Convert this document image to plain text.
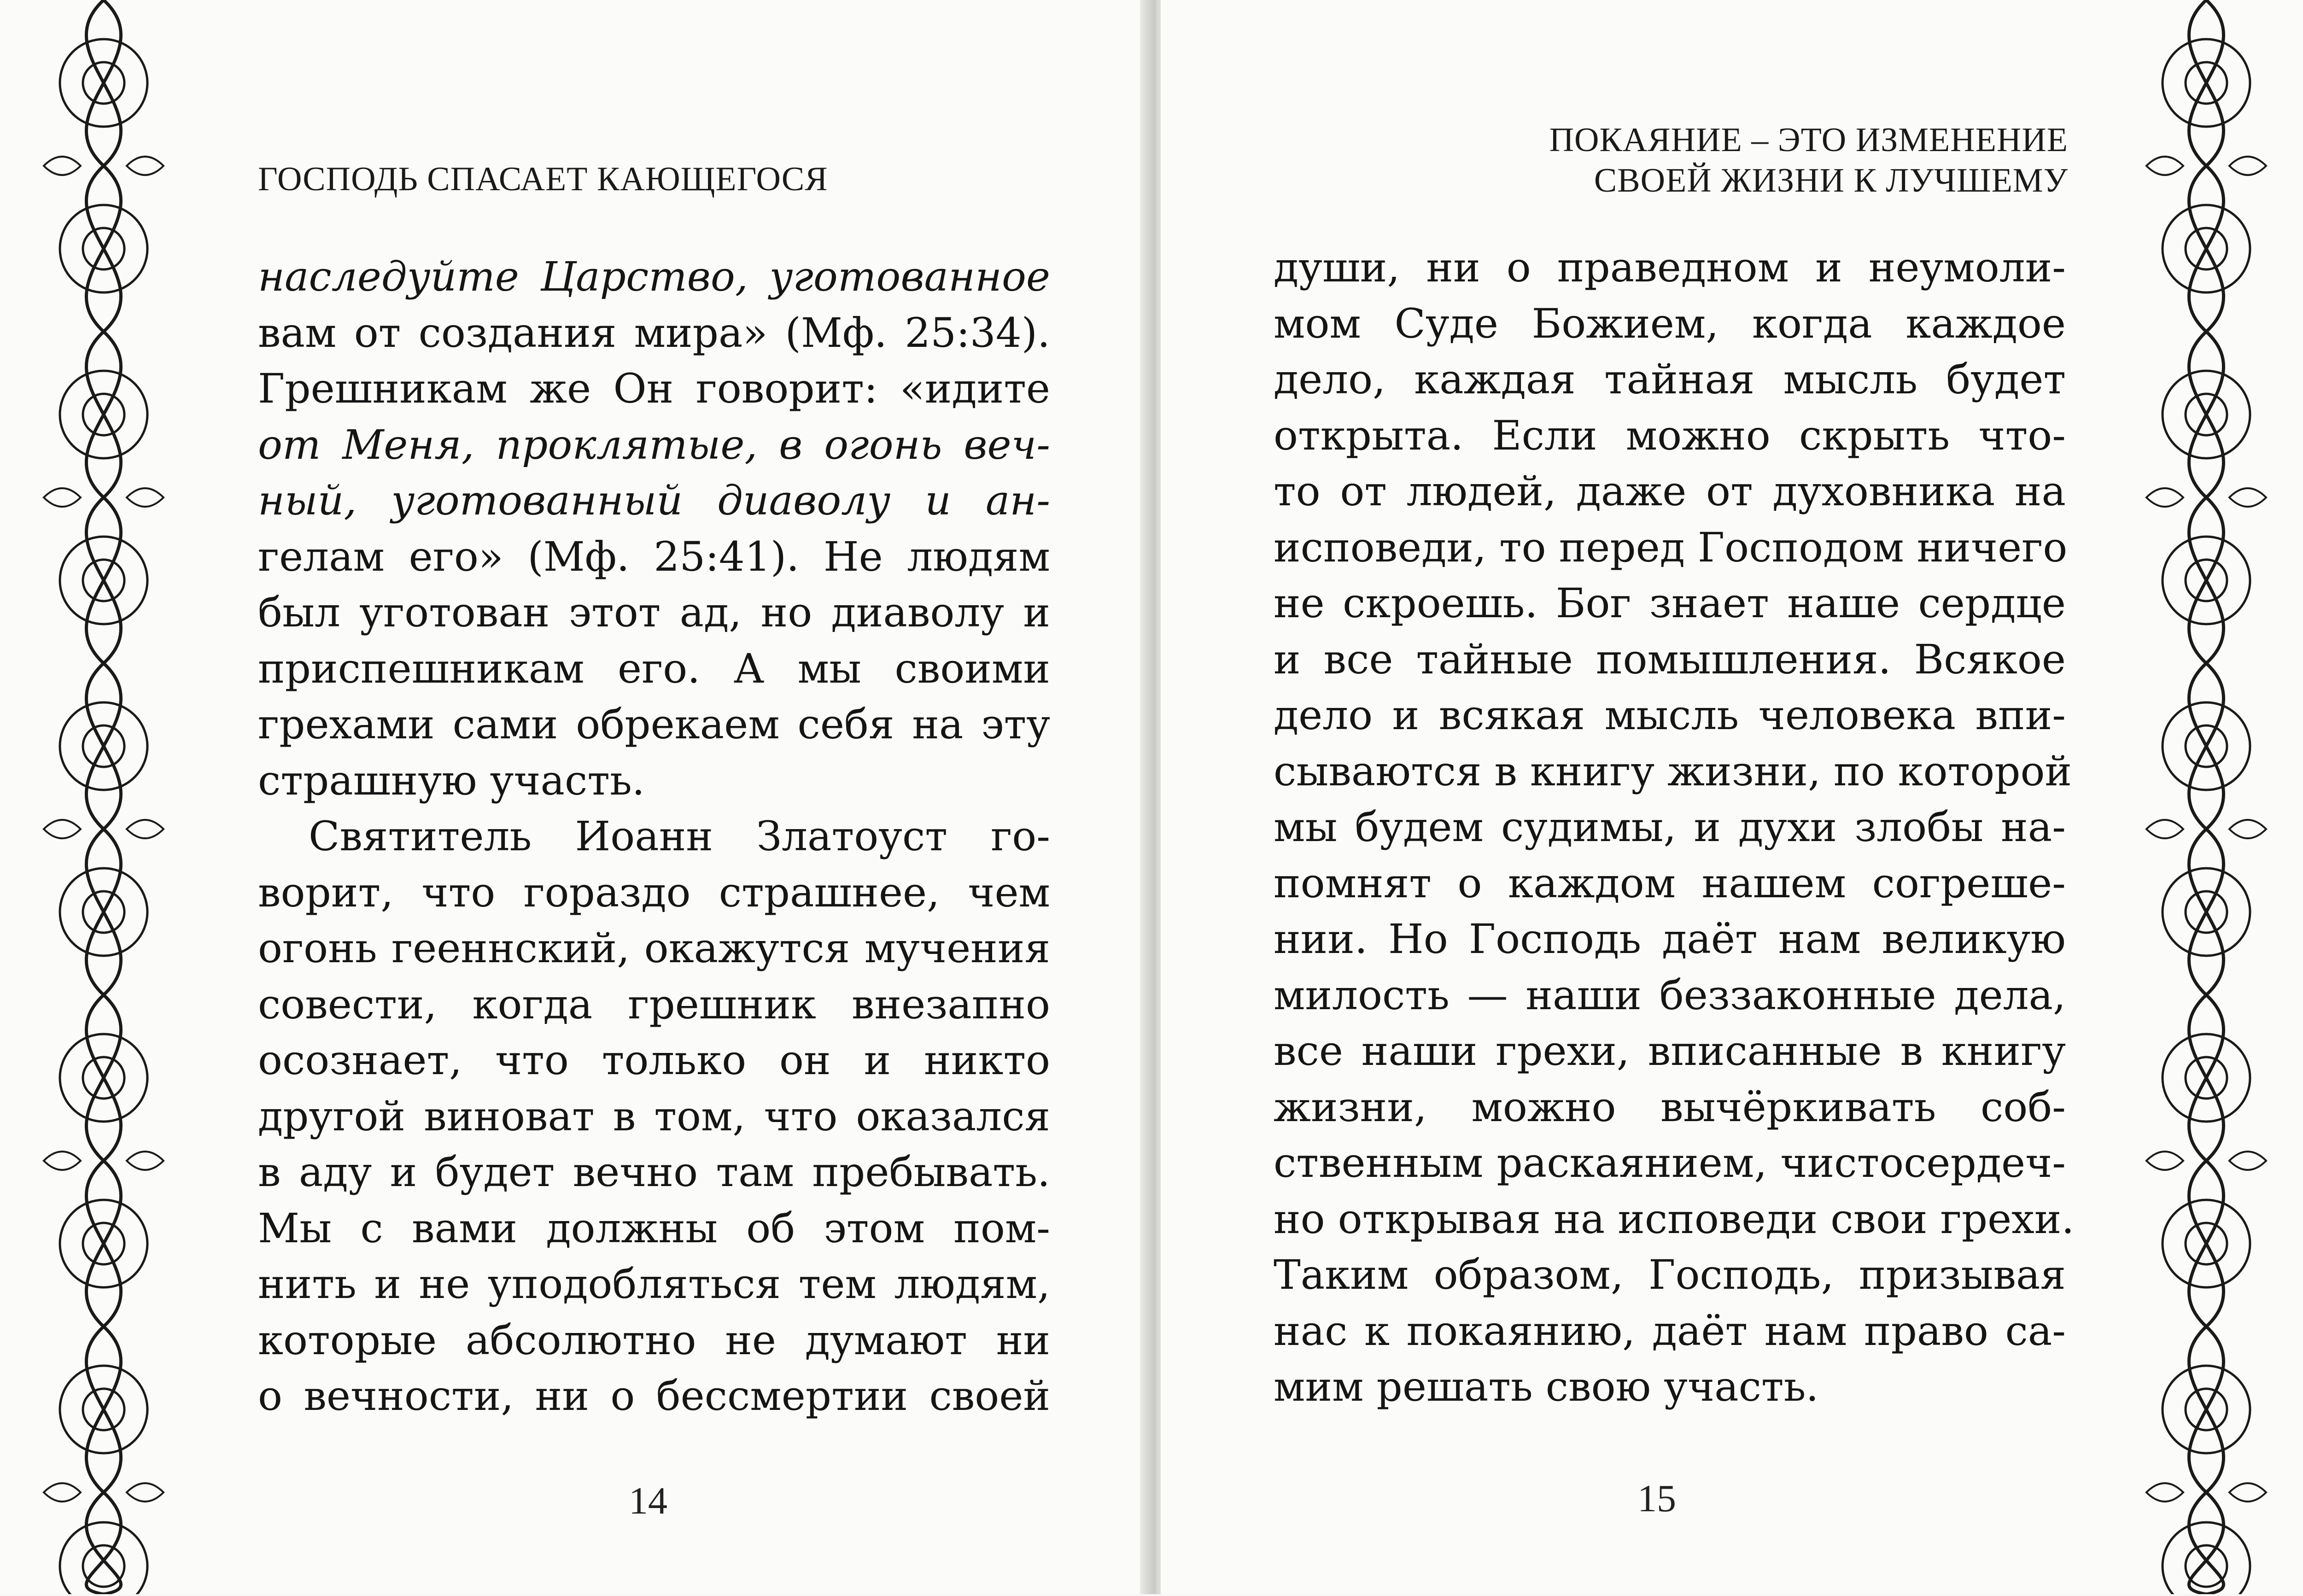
ГОСПОДЬ СПАСАЕТ КАЮЩЕГОСЯ
наследуйте Царство, уготованное
вам от создания мира» (Мф. 25:34).
Грешникам же Он говорит: «идите
от Меня, проклятые, в огонь веч-
ный, уготованный диаволу и ан-
гелам его» (Мф. 25:41). Не людям
был уготован этот ад, но диаволу и
приспешникам его. А мы своими
грехами сами обрекаем себя на эту
страшную участь.
Святитель Иоанн Златоуст го-
ворит, что гораздо страшнее, чем
огонь гееннский, окажутся мучения
совести, когда грешник внезапно
осознает, что только он и никто
другой виноват в том, что оказался
в аду и будет вечно там пребывать.
Мы с вами должны об этом пом-
нить и не уподобляться тем людям,
которые абсолютно не думают ни
о вечности, ни о бессмертии своей
14
ПОКАЯНИЕ – ЭТО ИЗМЕНЕНИЕ
СВОЕЙ ЖИЗНИ К ЛУЧШЕМУ
души, ни о праведном и неумоли-
мом Суде Божием, когда каждое
дело, каждая тайная мысль будет
открыта. Если можно скрыть что-
то от людей, даже от духовника на
исповеди, то перед Господом ничего
не скроешь. Бог знает наше сердце
и все тайные помышления. Всякое
дело и всякая мысль человека впи-
сываются в книгу жизни, по которой
мы будем судимы, и духи злобы на-
помнят о каждом нашем согреше-
нии. Но Господь даёт нам великую
милость — наши беззаконные дела,
все наши грехи, вписанные в книгу
жизни, можно вычёркивать соб-
ственным раскаянием, чистосердеч-
но открывая на исповеди свои грехи.
Таким образом, Господь, призывая
нас к покаянию, даёт нам право са-
мим решать свою участь.
15
